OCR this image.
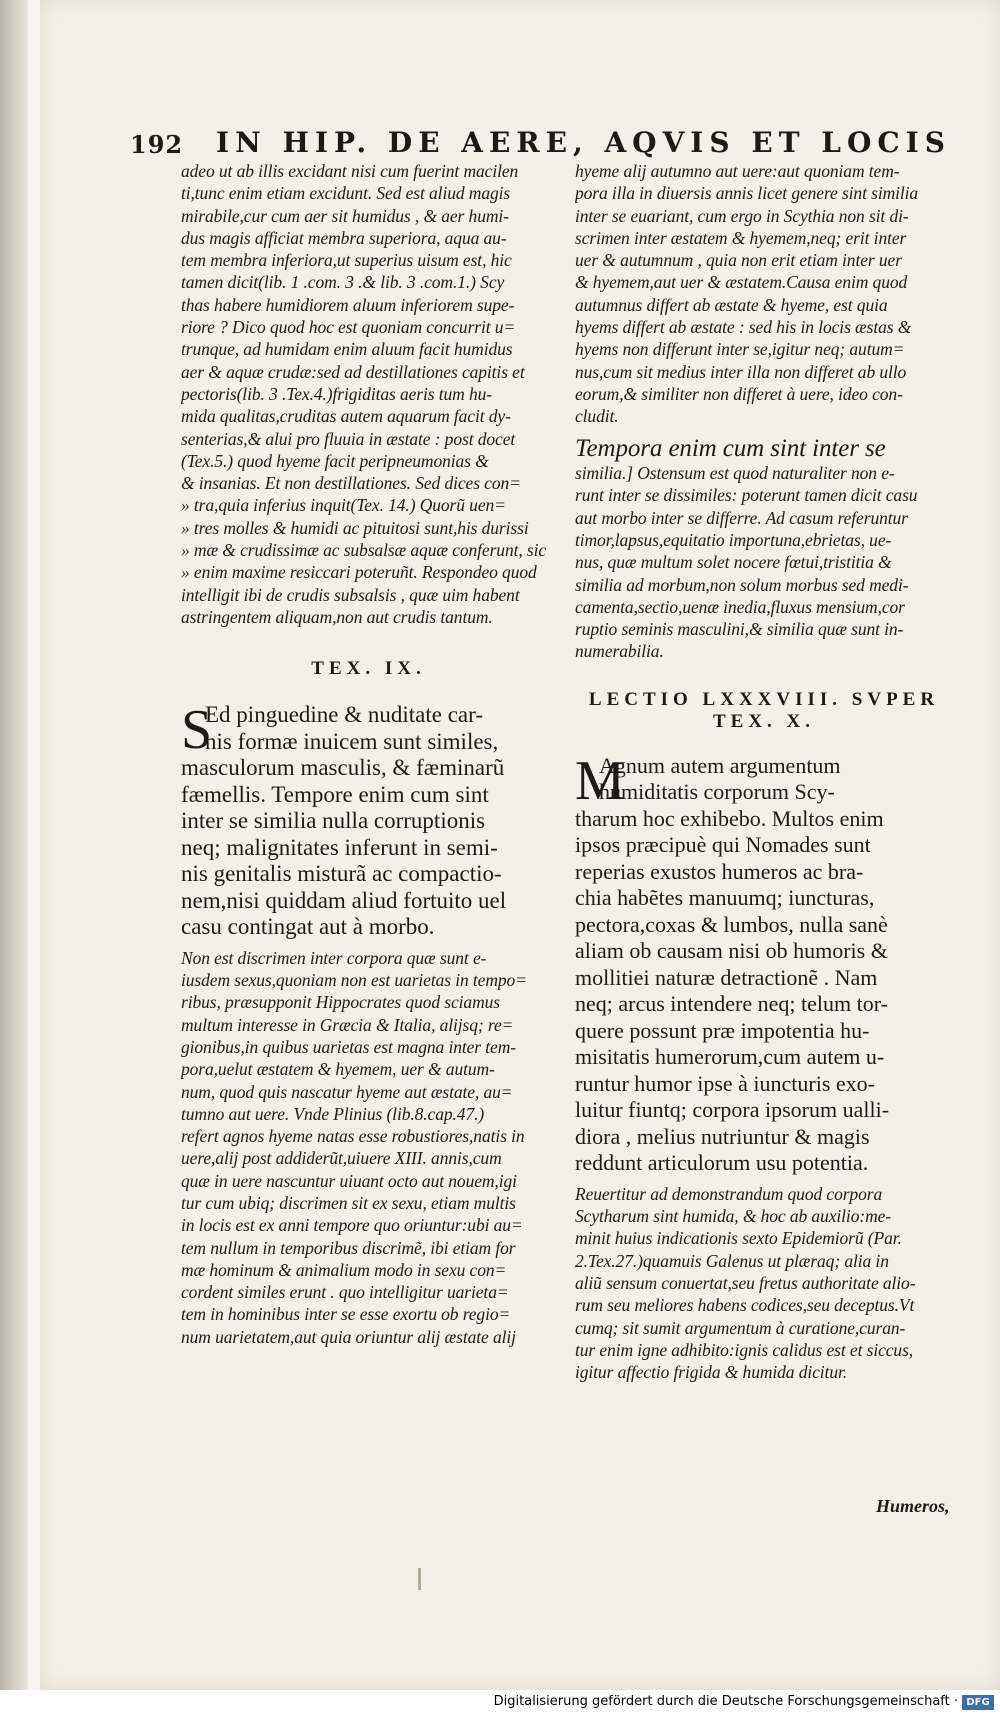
192 IN HIP. DE AERE, AQVIS ET LOCIS
adeo ut ab illis excidant nisi cum fuerint macilen
ti,tunc enim etiam excidunt. Sed est aliud magis
mirabile,cur cum aer sit humidus , & aer humi-
dus magis afficiat membra superiora, aqua au-
tem membra inferiora,ut superius uisum est, hic
tamen dicit(lib. 1 .com. 3 .& lib. 3 .com.1.) Scy
thas habere humidiorem aluum inferiorem supe-
riore ? Dico quod hoc est quoniam concurrit u=
trunque, ad humidam enim aluum facit humidus
aer & aquæ crudæ:sed ad destillationes capitis et
pectoris(lib. 3 .Tex.4.)frigiditas aeris tum hu-
mida qualitas,cruditas autem aquarum facit dy-
senterias,& alui pro fluuia in æstate : post docet
(Tex.5.) quod hyeme facit peripneumonias &
& insanias. Et non destillationes. Sed dices con=
» tra,quia inferius inquit(Tex. 14.) Quorũ uen=
» tres molles & humidi ac pituitosi sunt,his durissi
» mæ & crudissimæ ac subsalsæ aquæ conferunt, sic
» enim maxime resiccari poteruñt. Respondeo quod
intelligit ibi de crudis subsalsis , quæ uim habent
astringentem aliquam,non aut crudis tantum.
TEX. IX.
S
Ed pinguedine & nuditate car-
nis formæ inuicem sunt similes,
masculorum masculis, & fæminarũ
fæmellis. Tempore enim cum sint
inter se similia nulla corruptionis
neq; malignitates inferunt in semi-
nis genitalis misturã ac compactio-
nem,nisi quiddam aliud fortuito uel
casu contingat aut à morbo.
Non est discrimen inter corpora quæ sunt e-
iusdem sexus,quoniam non est uarietas in tempo=
ribus, præsupponit Hippocrates quod sciamus
multum interesse in Græcia & Italia, alijsq; re=
gionibus,in quibus uarietas est magna inter tem-
pora,uelut æstatem & hyemem, uer & autum-
num, quod quis nascatur hyeme aut æstate, au=
tumno aut uere. Vnde Plinius (lib.8.cap.47.)
refert agnos hyeme natas esse robustiores,natis in
uere,alij post addiderũt,uiuere XIII. annis,cum
quæ in uere nascuntur uiuant octo aut nouem,igi
tur cum ubiq; discrimen sit ex sexu, etiam multis
in locis est ex anni tempore quo oriuntur:ubi au=
tem nullum in temporibus discrimẽ, ibi etiam for
mæ hominum & animalium modo in sexu con=
cordent similes erunt . quo intelligitur uarieta=
tem in hominibus inter se esse exortu ob regio=
num uarietatem,aut quia oriuntur alij æstate alij
hyeme alij autumno aut uere:aut quoniam tem-
pora illa in diuersis annis licet genere sint similia
inter se euariant, cum ergo in Scythia non sit di-
scrimen inter æstatem & hyemem,neq; erit inter
uer & autumnum , quia non erit etiam inter uer
& hyemem,aut uer & æstatem.Causa enim quod
autumnus differt ab æstate & hyeme, est quia
hyems differt ab æstate : sed his in locis æstas &
hyems non differunt inter se,igitur neq; autum=
nus,cum sit medius inter illa non differet ab ullo
eorum,& similiter non differet à uere, ideo con-
cludit.
Tempora enim cum sint inter se
similia.] Ostensum est quod naturaliter non e-
runt inter se dissimiles: poterunt tamen dicit casu
aut morbo inter se differre. Ad casum referuntur
timor,lapsus,equitatio importuna,ebrietas, ue-
nus, quæ multum solet nocere fœtui,tristitia &
similia ad morbum,non solum morbus sed medi-
camenta,sectio,uenæ inedia,fluxus mensium,cor
ruptio seminis masculini,& similia quæ sunt in-
numerabilia.
LECTIO LXXXVIII. SVPER
TEX. X.
M
Agnum autem argumentum
humiditatis corporum Scy-
tharum hoc exhibebo. Multos enim
ipsos præcipuè qui Nomades sunt
reperias exustos humeros ac bra-
chia habẽtes manuumq; iuncturas,
pectora,coxas & lumbos, nulla sanè
aliam ob causam nisi ob humoris &
mollitiei naturæ detractionẽ . Nam
neq; arcus intendere neq; telum tor-
quere possunt præ impotentia hu-
misitatis humerorum,cum autem u-
runtur humor ipse à iuncturis exo-
luitur fiuntq; corpora ipsorum ualli-
diora , melius nutriuntur & magis
reddunt articulorum usu potentia.
Reuertitur ad demonstrandum quod corpora
Scytharum sint humida, & hoc ab auxilio:me-
minit huius indicationis sexto Epidemiorũ (Par.
2.Tex.27.)quamuis Galenus ut plæraq; alia in
aliũ sensum conuertat,seu fretus authoritate alio-
rum seu meliores habens codices,seu deceptus.Vt
cumq; sit sumit argumentum à curatione,curan-
tur enim igne adhibito:ignis calidus est et siccus,
igitur affectio frigida & humida dicitur.
Humeros,
Digitalisierung gefördert durch die Deutsche Forschungsgemeinschaft · DFG
